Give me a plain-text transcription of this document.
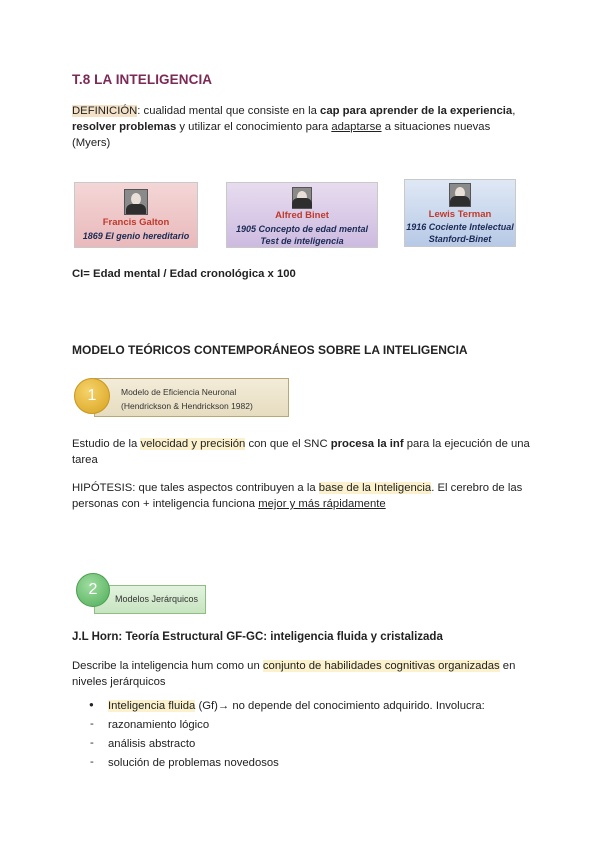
T.8 LA INTELIGENCIA
DEFINICIÓN: cualidad mental que consiste en la cap para aprender de la experiencia,
resolver problemas y utilizar el conocimiento para adaptarse a situaciones nuevas
(Myers)
Francis Galton
1869 El genio hereditario
Alfred Binet
1905 Concepto de edad mental
Test de inteligencia
Lewis Terman
1916 Cociente Intelectual
Stanford-Binet
CI= Edad mental / Edad cronológica x 100
MODELO TEÓRICOS CONTEMPORÁNEOS SOBRE LA INTELIGENCIA
Modelo de Eficiencia Neuronal
(Hendrickson & Hendrickson 1982)
1
Estudio de la velocidad y precisión con que el SNC procesa la inf para la ejecución de una
tarea
HIPÓTESIS: que tales aspectos contribuyen a la base de la Inteligencia. El cerebro de las
personas con + inteligencia funciona mejor y más rápidamente
Modelos Jerárquicos
2
J.L Horn: Teoría Estructural GF-GC: inteligencia fluida y cristalizada
Describe la inteligencia hum como un conjunto de habilidades cognitivas organizadas en
niveles jerárquicos
● Inteligencia fluida (Gf)→ no depende del conocimiento adquirido. Involucra:
- razonamiento lógico
- análisis abstracto
- solución de problemas novedosos
